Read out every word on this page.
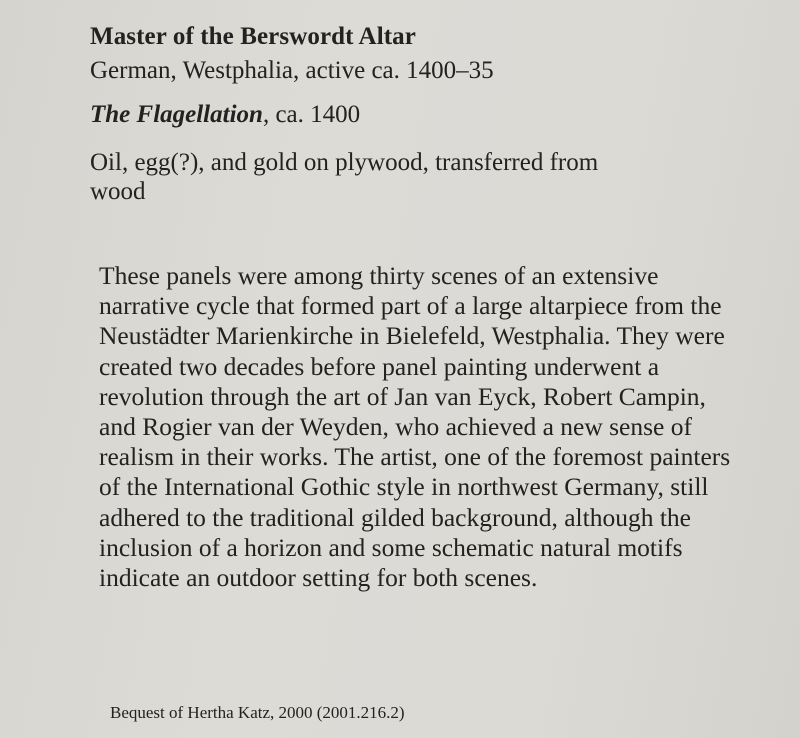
Master of the Berswordt Altar

German, Westphalia, active ca. 1400–35

The Flagellation, ca. 1400

Oil, egg(?), and gold on plywood, transferred from wood

These panels were among thirty scenes of an extensive narrative cycle that formed part of a large altarpiece from the Neustädter Marienkirche in Bielefeld, Westphalia. They were created two decades before panel painting underwent a revolution through the art of Jan van Eyck, Robert Campin, and Rogier van der Weyden, who achieved a new sense of realism in their works. The artist, one of the foremost painters of the International Gothic style in northwest Germany, still adhered to the traditional gilded background, although the inclusion of a horizon and some schematic natural motifs indicate an outdoor setting for both scenes.

Bequest of Hertha Katz, 2000 (2001.216.2)
